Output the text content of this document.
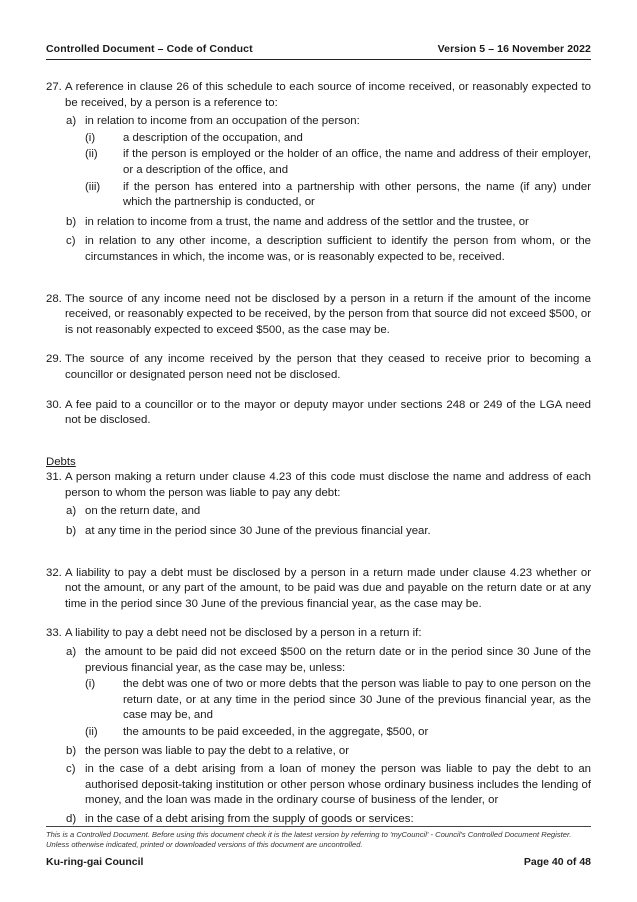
Controlled Document – Code of Conduct	Version 5 – 16 November 2022
27. A reference in clause 26 of this schedule to each source of income received, or reasonably expected to be received, by a person is a reference to:
a) in relation to income from an occupation of the person:
(i) a description of the occupation, and
(ii) if the person is employed or the holder of an office, the name and address of their employer, or a description of the office, and
(iii) if the person has entered into a partnership with other persons, the name (if any) under which the partnership is conducted, or
b) in relation to income from a trust, the name and address of the settlor and the trustee, or
c) in relation to any other income, a description sufficient to identify the person from whom, or the circumstances in which, the income was, or is reasonably expected to be, received.
28. The source of any income need not be disclosed by a person in a return if the amount of the income received, or reasonably expected to be received, by the person from that source did not exceed $500, or is not reasonably expected to exceed $500, as the case may be.
29. The source of any income received by the person that they ceased to receive prior to becoming a councillor or designated person need not be disclosed.
30. A fee paid to a councillor or to the mayor or deputy mayor under sections 248 or 249 of the LGA need not be disclosed.
Debts
31. A person making a return under clause 4.23 of this code must disclose the name and address of each person to whom the person was liable to pay any debt:
a) on the return date, and
b) at any time in the period since 30 June of the previous financial year.
32. A liability to pay a debt must be disclosed by a person in a return made under clause 4.23 whether or not the amount, or any part of the amount, to be paid was due and payable on the return date or at any time in the period since 30 June of the previous financial year, as the case may be.
33. A liability to pay a debt need not be disclosed by a person in a return if:
a) the amount to be paid did not exceed $500 on the return date or in the period since 30 June of the previous financial year, as the case may be, unless:
(i) the debt was one of two or more debts that the person was liable to pay to one person on the return date, or at any time in the period since 30 June of the previous financial year, as the case may be, and
(ii) the amounts to be paid exceeded, in the aggregate, $500, or
b) the person was liable to pay the debt to a relative, or
c) in the case of a debt arising from a loan of money the person was liable to pay the debt to an authorised deposit-taking institution or other person whose ordinary business includes the lending of money, and the loan was made in the ordinary course of business of the lender, or
d) in the case of a debt arising from the supply of goods or services:
This is a Controlled Document. Before using this document check it is the latest version by referring to 'myCouncil' - Council's Controlled Document Register. Unless otherwise indicated, printed or downloaded versions of this document are uncontrolled.
Ku-ring-gai Council	Page 40 of 48
